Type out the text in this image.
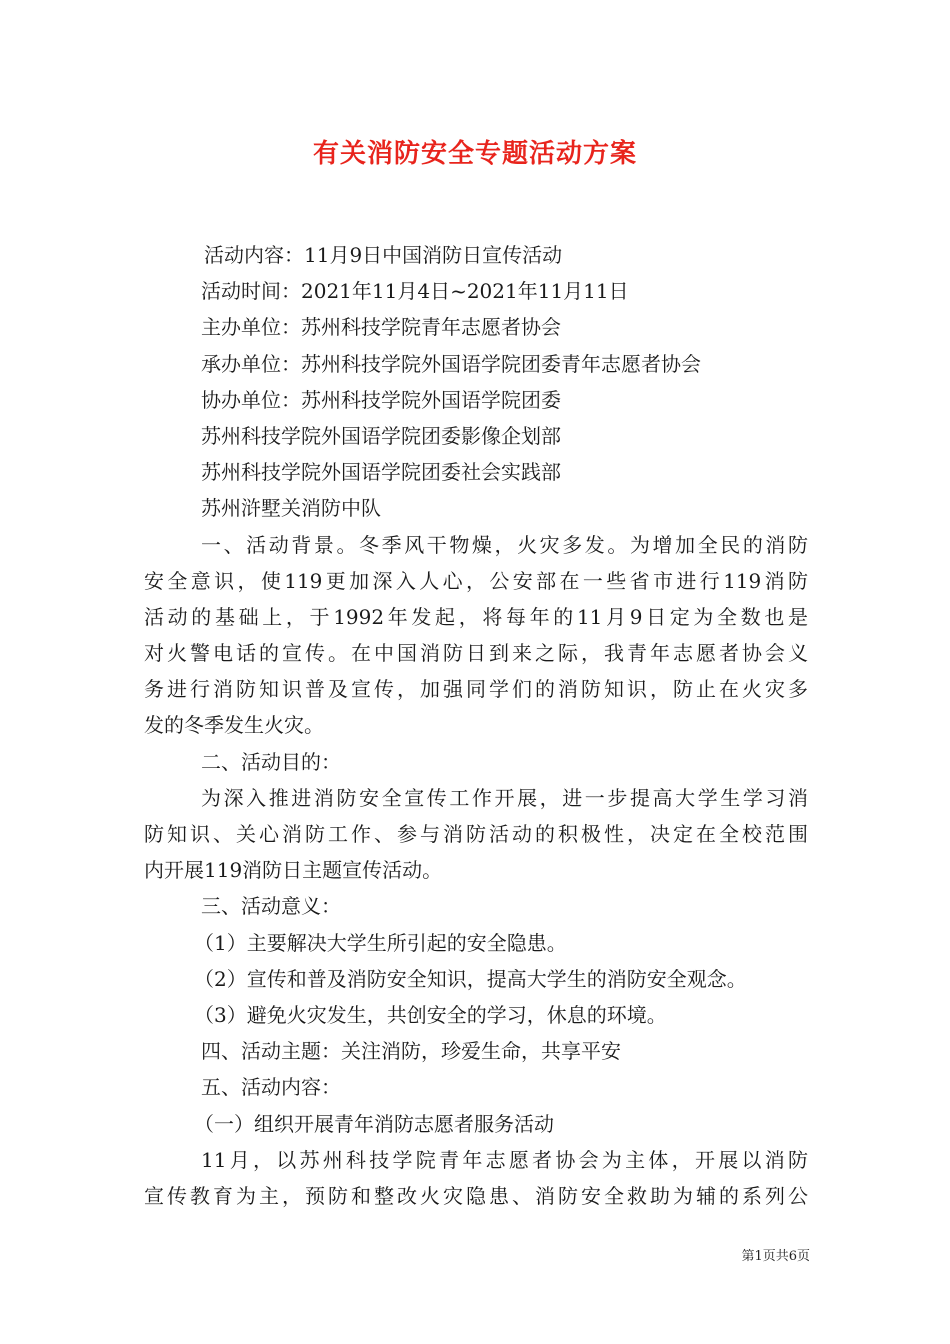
有关消防安全专题活动方案

活动内容：11月9日中国消防日宣传活动

活动时间：2021年11月4日~2021年11月11日

主办单位：苏州科技学院青年志愿者协会

承办单位：苏州科技学院外国语学院团委青年志愿者协会

协办单位：苏州科技学院外国语学院团委

苏州科技学院外国语学院团委影像企划部

苏州科技学院外国语学院团委社会实践部

苏州浒墅关消防中队

一、活动背景。冬季风干物燥，火灾多发。为增加全民的消防

安全意识，使119更加深入人心，公安部在一些省市进行119消防

活动的基础上，于1992年发起，将每年的11月9日定为全数也是

对火警电话的宣传。在中国消防日到来之际，我青年志愿者协会义

务进行消防知识普及宣传，加强同学们的消防知识，防止在火灾多

发的冬季发生火灾。

二、活动目的：

为深入推进消防安全宣传工作开展，进一步提高大学生学习消

防知识、关心消防工作、参与消防活动的积极性，决定在全校范围

内开展119消防日主题宣传活动。

三、活动意义：

（1）主要解决大学生所引起的安全隐患。

（2）宣传和普及消防安全知识，提高大学生的消防安全观念。

（3）避免火灾发生，共创安全的学习，休息的环境。

四、活动主题：关注消防，珍爱生命，共享平安

五、活动内容：

（一）组织开展青年消防志愿者服务活动

11月，以苏州科技学院青年志愿者协会为主体，开展以消防

宣传教育为主，预防和整改火灾隐患、消防安全救助为辅的系列公

第1页共6页
